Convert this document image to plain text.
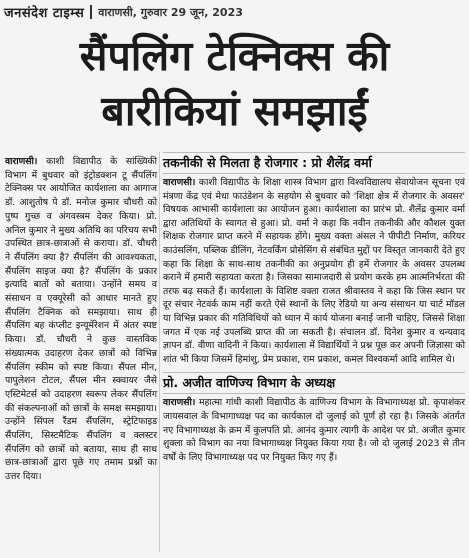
जनसंदेश टाइम्स वाराणसी, गुरुवार 29 जून, 2023
सैंपलिंग टेक्निक्स की
बारीकियां समझाईं
वाराणसी। काशी विद्यापीठ के सांख्यिकी विभाग में बुधवार को इंट्रोडक्शन टू सैंपलिंग टेक्निक्स पर आयोजित कार्यशाला का आगाज डॉ. आशुतोष पे डॉ. मनोज कुमार चौधरी को पुष्प गुच्छ व अंगवस्त्रम देकर किया। प्रो. अनिल कुमार ने मुख्य अतिथि का परिचय सभी उपस्थित छात्र-छात्राओं से कराया। डॉ. चौधरी ने सैंपलिंग क्या है? सैंपलिंग की आवश्यकता, सैंपलिंग साइज क्या है? सैंपलिंग के प्रकार इत्यादि बातों को बताया। उन्होंने समय व संसाधन व एक्यूरेसी को आधार मानते हुए सैंपलिंग टैक्निक को समझाया। साथ ही सैंपलिंग बह कंप्लीट इन्यूमेंरेशन में अंतर स्पष्ट किया। डॉ. चौधरी ने कुछ वास्तविक संख्यात्मक उदाहरण देकर छात्रों को विभिन्न सैंपलिंग स्कीम को स्पष्ट किया। सैंपल मीन, पापुलेशन टोटल, सैंपल मीन स्क्वायर जैसे एस्टिमेटर्स को उदाहरण स्वरूप लेकर सैंपलिंग की संकल्पनाओं को छात्रों के समक्ष समझाया। उन्होंने सिंपल रैंडम सैंपलिंग, स्ट्रेटिफाइड सैंपलिंग, सिस्टमैटिक सैंपलिंग व क्लस्टर सैंपलिंग को छात्रों को बताया, साथ ही साथ छात्र-छात्राओं द्वारा पूछे गए तमाम प्रश्नों का उत्तर दिया।
तकनीकी से मिलता है रोजगार : प्रो शैलेंद्र वर्मा

वाराणसी। काशी विद्यापीठ के शिक्षा शास्त्र विभाग द्वारा विश्वविद्यालय सेवायोजन सूचना एवं मंत्रणा केंद्र एवं मेधा फाउंडेशन के सहयोग से बुधवार को 'शिक्षा क्षेत्र में रोजगार के अवसर' विषयक आभासी कार्यशाला का आयोजन हुआ। कार्यशाला का प्रारंभ प्रो. शैलेंद्र कुमार वर्मा द्वारा अतिथियों के स्वागत से हुआ। प्रो. वर्मा ने कहा कि नवीन तकनीकी और कौशल युक्त शिक्षक रोजगार प्राप्त करने में सहायक होंगे। मुख्य वक्ता अंसल ने पीपीटी निर्माण, करियर काउंसलिंग, पब्लिक डीलिंग, नेटवर्किंग प्रोसेसिंग से संबंधित मुद्दों पर विस्तृत जानकारी देते हुए कहा कि शिक्षा के साथ-साथ तकनीकी का अनुप्रयोग ही हमें रोजगार के अवसर उपलब्ध कराने में हमारी सहायता करता है। जिसका सामाजदारी से प्रयोग करके हम आत्मनिर्भरता की तरफ बढ़ सकते हैं। कार्यशाला के विशिष्ट वक्ता राजत श्रीवास्तव ने कहा कि जिस स्थान पर दूर संचार नेटवर्क काम नहीं करते ऐसे स्थानों के लिए रेडियो या अन्य संसाधन या चार्ट मॉडल या विभिन्न प्रकार की गतिविधियों को ध्यान में कार्य योजना बनाई जानी चाहिए, जिससे शिक्षा जगत में एक नई उपलब्धि प्राप्त की जा सकती है। संचालन डॉ. दिनेश कुमार व धन्यवाद ज्ञापन डॉ. वीणा वादिनी ने किया। कार्यशाला में विद्यार्थियों ने प्रश्न पूछ कर अपनी जिज्ञासा को शांत भी किया जिसमें हिमांशु, प्रेम प्रकाश, राम प्रकाश, कमल विश्वकर्मा आदि शामिल थे।

प्रो. अजीत वाणिज्य विभाग के अध्यक्ष

वाराणसी। महात्मा गांधी काशी विद्यापीठ के वाणिज्य विभाग के विभागाध्यक्ष प्रो. कृपाशंकर जायसवाल के विभागाध्यक्ष पद का कार्यकाल दो जुलाई को पूर्ण हो रहा है। जिसके अंतर्गत नए विभागाध्यक्ष के क्रम में कुलपति प्रो. आनंद कुमार त्यागी के आदेश पर प्रो. अजीत कुमार शुक्ला को विभाग का नया विभागाध्यक्ष नियुक्त किया गया है। जो दो जुलाई 2023 से तीन वर्षों के लिए विभागाध्यक्ष पद पर नियुक्त किए गए हैं।
